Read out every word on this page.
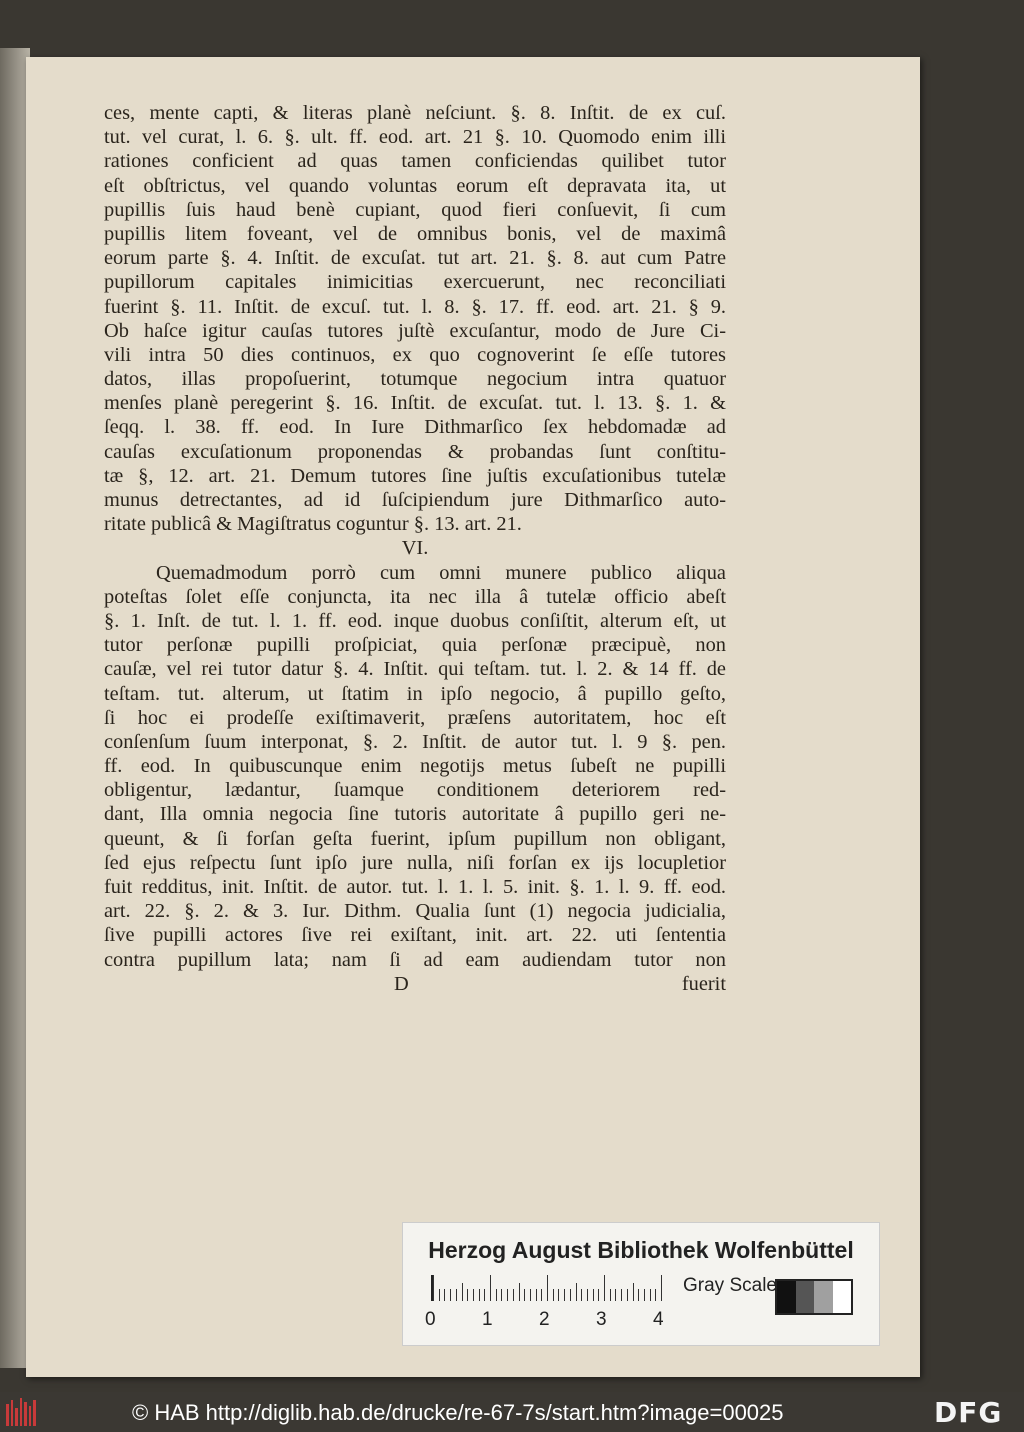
ces, mente capti, & literas planè neſciunt. §. 8. Inſtit. de ex cuſ.
tut. vel curat, l. 6. §. ult. ff. eod. art. 21 §. 10. Quomodo enim illi
rationes conficient ad quas tamen conficiendas quilibet tutor
eſt obſtrictus, vel quando voluntas eorum eſt depravata ita, ut
pupillis ſuis haud benè cupiant, quod fieri conſuevit, ſi cum
pupillis litem foveant, vel de omnibus bonis, vel de maximâ
eorum parte §. 4. Inſtit. de excuſat. tut art. 21. §. 8. aut cum Patre
pupillorum capitales inimicitias exercuerunt, nec reconciliati
fuerint §. 11. Inſtit. de excuſ. tut. l. 8. §. 17. ff. eod. art. 21. § 9.
Ob haſce igitur cauſas tutores juſtè excuſantur, modo de Jure Ci-
vili intra 50 dies continuos, ex quo cognoverint ſe eſſe tutores
datos, illas propoſuerint, totumque negocium intra quatuor
menſes planè peregerint §. 16. Inſtit. de excuſat. tut. l. 13. §. 1. &
ſeqq. l. 38. ff. eod. In Iure Dithmarſico ſex hebdomadæ ad
cauſas excuſationum proponendas & probandas ſunt conſtitu-
tæ §, 12. art. 21. Demum tutores ſine juſtis excuſationibus tutelæ
munus detrectantes, ad id ſuſcipiendum jure Dithmarſico auto-
ritate publicâ & Magiſtratus coguntur §. 13. art. 21.
VI.
Quemadmodum porrò cum omni munere publico aliqua
poteſtas ſolet eſſe conjuncta, ita nec illa â tutelæ officio abeſt
§. 1. Inſt. de tut. l. 1. ff. eod. inque duobus conſiſtit, alterum eſt, ut
tutor perſonæ pupilli proſpiciat, quia perſonæ præcipuè, non
cauſæ, vel rei tutor datur §. 4. Inſtit. qui teſtam. tut. l. 2. & 14 ff. de
teſtam. tut. alterum, ut ſtatim in ipſo negocio, â pupillo geſto,
ſi hoc ei prodeſſe exiſtimaverit, præſens autoritatem, hoc eſt
conſenſum ſuum interponat, §. 2. Inſtit. de autor tut. l. 9 §. pen.
ff. eod. In quibuscunque enim negotijs metus ſubeſt ne pupilli
obligentur, lædantur, ſuamque conditionem deteriorem red-
dant, Illa omnia negocia ſine tutoris autoritate â pupillo geri ne-
queunt, & ſi forſan geſta fuerint, ipſum pupillum non obligant,
ſed ejus reſpectu ſunt ipſo jure nulla, niſi forſan ex ijs locupletior
fuit redditus, init. Inſtit. de autor. tut. l. 1. l. 5. init. §. 1. l. 9. ff. eod.
art. 22. §. 2. & 3. Iur. Dithm. Qualia ſunt (1) negocia judicialia,
ſive pupilli actores ſive rei exiſtant, init. art. 22. uti ſententia
contra pupillum lata; nam ſi ad eam audiendam tutor non
D	fuerit
Herzog August Bibliothek Wolfenbüttel
0 1 2 3 4
Gray Scale
© HAB http://diglib.hab.de/drucke/re-67-7s/start.htm?image=00025	DFG
